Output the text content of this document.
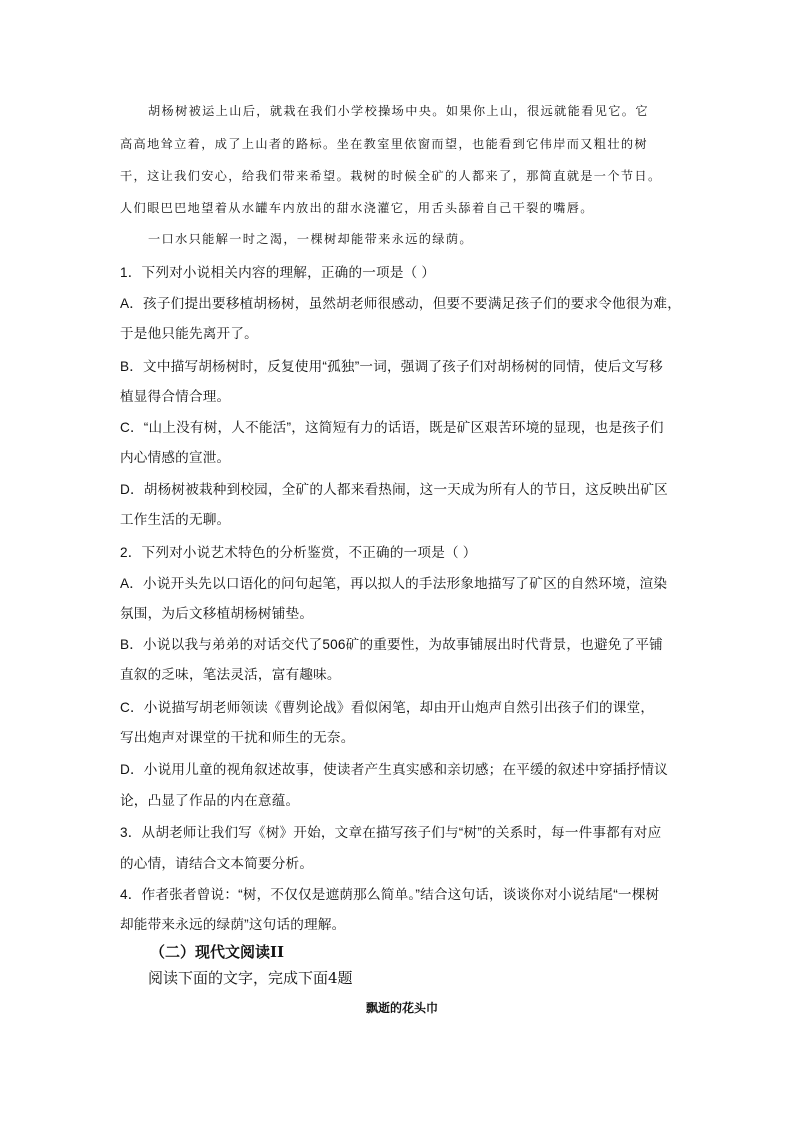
胡杨树被运上山后，就栽在我们小学校操场中央。如果你上山，很远就能看见它。它
高高地耸立着，成了上山者的路标。坐在教室里依窗而望，也能看到它伟岸而又粗壮的树
干，这让我们安心，给我们带来希望。栽树的时候全矿的人都来了，那简直就是一个节日。
人们眼巴巴地望着从水罐车内放出的甜水浇灌它，用舌头舔着自己干裂的嘴唇。
一口水只能解一时之渴，一棵树却能带来永远的绿荫。
1．下列对小说相关内容的理解，正确的一项是（ ）
A．孩子们提出要移植胡杨树，虽然胡老师很感动，但要不要满足孩子们的要求令他很为难，
于是他只能先离开了。
B．文中描写胡杨树时，反复使用“孤独”一词，强调了孩子们对胡杨树的同情，使后文写移
植显得合情合理。
C．“山上没有树，人不能活”，这简短有力的话语，既是矿区艰苦环境的显现，也是孩子们
内心情感的宣泄。
D．胡杨树被栽种到校园，全矿的人都来看热闹，这一天成为所有人的节日，这反映出矿区
工作生活的无聊。
2．下列对小说艺术特色的分析鉴赏，不正确的一项是（ ）
A．小说开头先以口语化的问句起笔，再以拟人的手法形象地描写了矿区的自然环境，渲染
氛围，为后文移植胡杨树铺垫。
B．小说以我与弟弟的对话交代了506矿的重要性，为故事铺展出时代背景，也避免了平铺
直叙的乏味，笔法灵活，富有趣味。
C．小说描写胡老师领读《曹刿论战》看似闲笔，却由开山炮声自然引出孩子们的课堂，
写出炮声对课堂的干扰和师生的无奈。
D．小说用儿童的视角叙述故事，使读者产生真实感和亲切感；在平缓的叙述中穿插抒情议
论，凸显了作品的内在意蕴。
3．从胡老师让我们写《树》开始，文章在描写孩子们与“树”的关系时，每一件事都有对应
的心情，请结合文本简要分析。
4．作者张者曾说：“树，不仅仅是遮荫那么简单。”结合这句话，谈谈你对小说结尾“一棵树
却能带来永远的绿荫”这句话的理解。
（二）现代文阅读II
阅读下面的文字，完成下面4题
飘逝的花头巾
